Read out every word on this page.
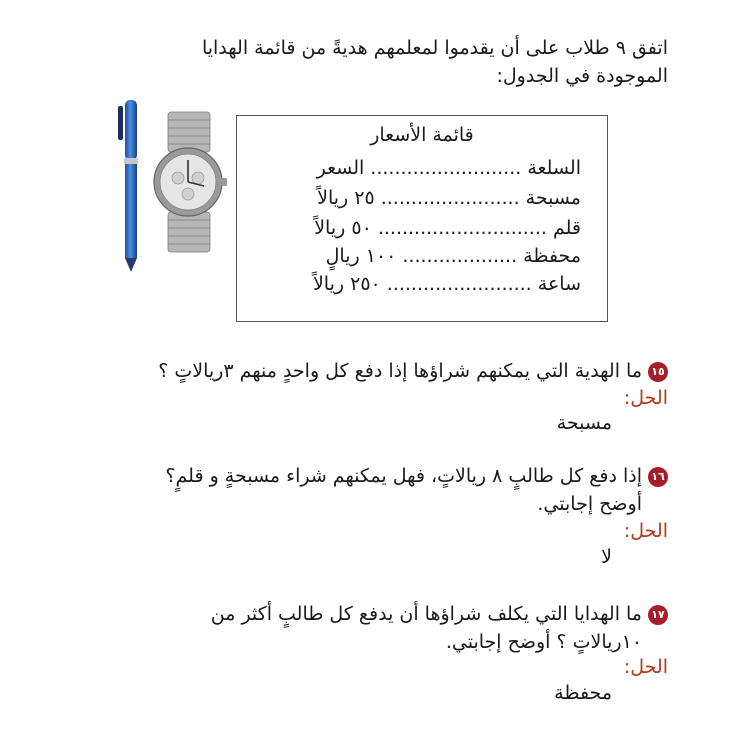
اتفق ٩ طلاب على أن يقدموا لمعلمهم هديةً من قائمة الهدايا
الموجودة في الجدول:
قائمة الأسعار
السلعة ......................... السعر
مسبحة ....................... ٢٥ ريالاً
قلم ............................ ٥٠ ريالاً
محفظة ................... ١٠٠ ريالٍ
ساعة ........................ ٢٥٠ ريالاً
١٥ما الهدية التي يمكنهم شراؤها إذا دفع كل واحدٍ منهم ٣ريالاتٍ ؟
الحل:
مسبحة
١٦إذا دفع كل طالبٍ ٨ ريالاتٍ، فهل يمكنهم شراء مسبحةٍ و قلمٍ؟
أوضح إجابتي.
الحل:
لا
١٧ما الهدايا التي يكلف شراؤها أن يدفع كل طالبٍ أكثر من
١٠ريالاتٍ ؟ أوضح إجابتي.
الحل:
محفظة
